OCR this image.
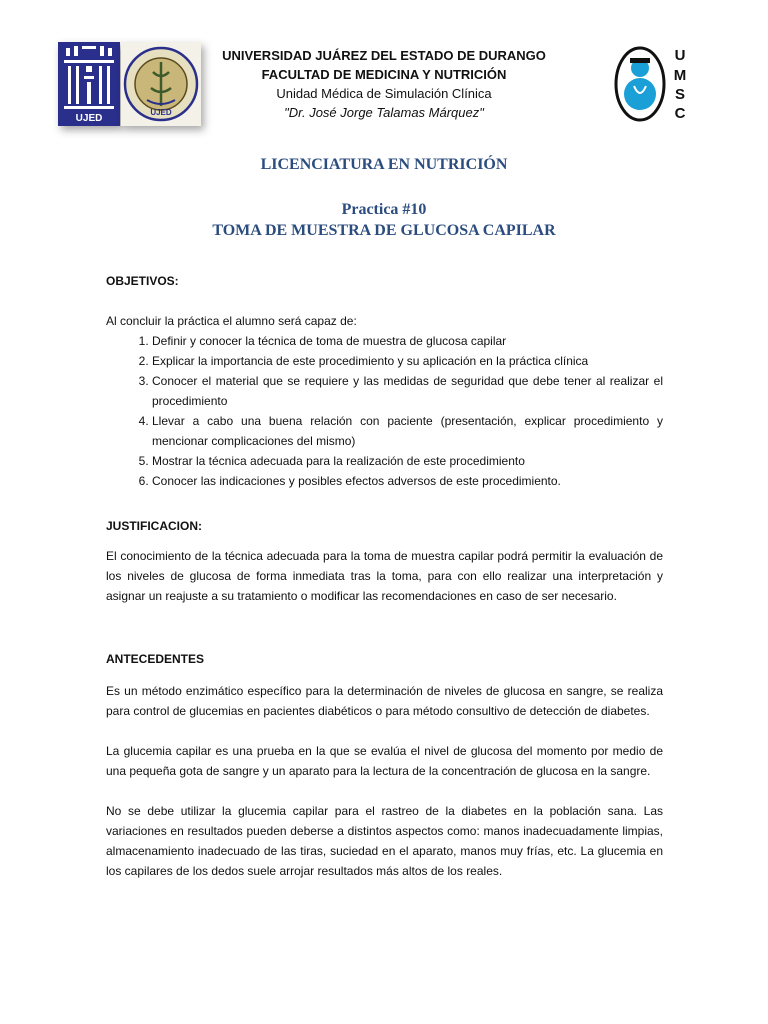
UJED
UJED
UNIVERSIDAD JUÁREZ DEL ESTADO DE DURANGO
FACULTAD DE MEDICINA Y NUTRICIÓN
Unidad Médica de Simulación Clínica
"Dr. José Jorge Talamas Márquez"
U
M
S
C
LICENCIATURA EN NUTRICIÓN
Practica #10
TOMA DE MUESTRA DE GLUCOSA CAPILAR
OBJETIVOS:
Al concluir la práctica el alumno será capaz de:
1. Definir y conocer la técnica de toma de muestra de glucosa capilar
2. Explicar la importancia de este procedimiento y su aplicación en la práctica clínica
3. Conocer el material que se requiere y las medidas de seguridad que debe tener al realizar el procedimiento
4. Llevar a cabo una buena relación con paciente (presentación, explicar procedimiento y mencionar complicaciones del mismo)
5. Mostrar la técnica adecuada para la realización de este procedimiento
6. Conocer las indicaciones y posibles efectos adversos de este procedimiento.
JUSTIFICACION:
El conocimiento de la técnica adecuada para la toma de muestra capilar podrá permitir la evaluación de los niveles de glucosa de forma inmediata tras la toma, para con ello realizar una interpretación y asignar un reajuste a su tratamiento o modificar las recomendaciones en caso de ser necesario.
ANTECEDENTES
Es un método enzimático específico para la determinación de niveles de glucosa en sangre, se realiza para control de glucemias en pacientes diabéticos o para método consultivo de detección de diabetes.
La glucemia capilar es una prueba en la que se evalúa el nivel de glucosa del momento por medio de una pequeña gota de sangre y un aparato para la lectura de la concentración de glucosa en la sangre.
No se debe utilizar la glucemia capilar para el rastreo de la diabetes en la población sana. Las variaciones en resultados pueden deberse a distintos aspectos como: manos inadecuadamente limpias, almacenamiento inadecuado de las tiras, suciedad en el aparato, manos muy frías, etc. La glucemia en los capilares de los dedos suele arrojar resultados más altos de los reales.
